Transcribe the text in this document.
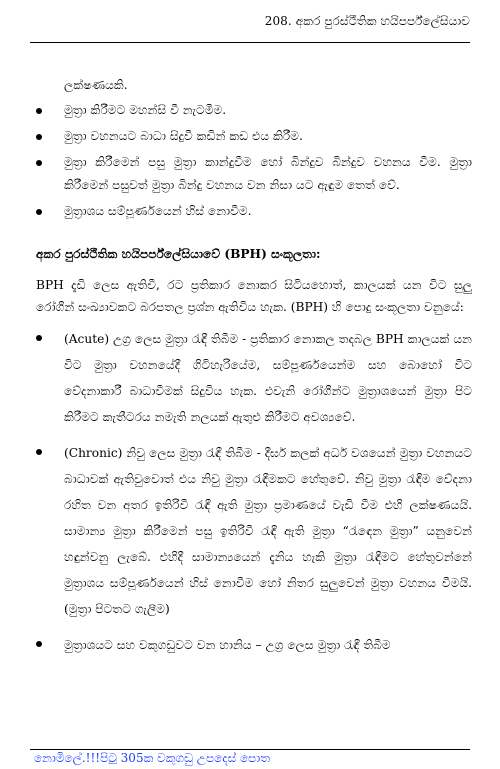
208. අකර පුරස්ථීතික හයිපර්ප්ලේසියාව
ලක්ෂණයකි.
මුත්‍රා කිරීමට මහන්සි වී නැටමීම.
මුත්‍රා වහනයට බාධා සිදුවී කඩින් කඩ එය කිරීම.
මුත්‍රා කිරීමෙන් පසු මුත්‍රා කාන්දුවීම හෝ බින්දුව බින්දුව වහනය වීම. මුත්‍රා කිරීමෙන් පසුවත් මුත්‍රා බින්දු වහනය වන නිසා යට ඇඳුම තෙත් වේ.
මුත්‍රාශය සම්පූර්ණයෙන් හිස් නොවීම.
අකර පුරස්ථීතික හයිපර්ප්ලේසියාවේ (BPH) සංකූලතා:
BPH දැඩි ලෙස ඇතිවී, රට ප්‍රතිකාර නොකර සිටියහොත්, කාලයක් යන විට සුලු රෝගීන් සංඛ්‍යාවකට බරපතල ප්‍රශ්න ඇතිවිය හැක. (BPH) හි පොදු සංකූලතා වනුයේ:
(Acute) උග්‍ර ලෙස මුත්‍රා රැඳී තිබීම - ප්‍රතිකාර නොකල තදබල BPH කාලයක් යන විට මුත්‍රා වහනයේදී ගිටිහැරියේම, සම්පූර්ණයෙන්ම සහ බොහෝ විට වේදනාකාරී බාධාවීමක් සිදුවිය හැක. එවැනි රෝගීන්ට මුත්‍රාශයෙන් මුත්‍රා පිට කිරීමට කැතීටරය නමැති නලයක් ඇතුළු කිරීමට අවශ්‍යවේ.
(Chronic) නිවු ලෙස මුත්‍රා රැඳී තිබීම - දීර්ඝ කලක් අර්ධ වශයෙන් මුත්‍රා වහනයට බාධාවක් ඇතිවුවොත් එය නිවු මුත්‍රා රැඳීමකට හේතුවේ. නිවු මුත්‍රා රැඳීම වේදනා රහිත වන අතර ඉතිරිවී රැඳී ඇති මුත්‍රා ප්‍රමාණයේ වැඩි වීම එහි ලක්ෂණයයි. සාමාන්‍ය මුත්‍රා කිරීමෙන් පසු ඉතිරිවී රැඳී ඇති මුත්‍රා “රැඳෙන මුත්‍රා” යනුවෙන් හඳුන්වනු ලැබේ. එහිදී සාමාන්‍යයෙන් දැනිය හැකි මුත්‍රා රැඳීමට හේතුවන්නේ මුත්‍රාශය සම්පූර්ණයෙන් හිස් නොවීම හෝ නිතර සුලුවෙන් මුත්‍රා වහනය වීමයි. (මුත්‍රා පිටතට ගැලීම)
මුත්‍රාශයට සහ වකුගඩුවට වන හානිය – උග්‍ර ලෙස මුත්‍රා රැඳී තිබීම
නොමිලේ.!!!පිටු 305ක වකුගඩු උපදෙස් පොත
